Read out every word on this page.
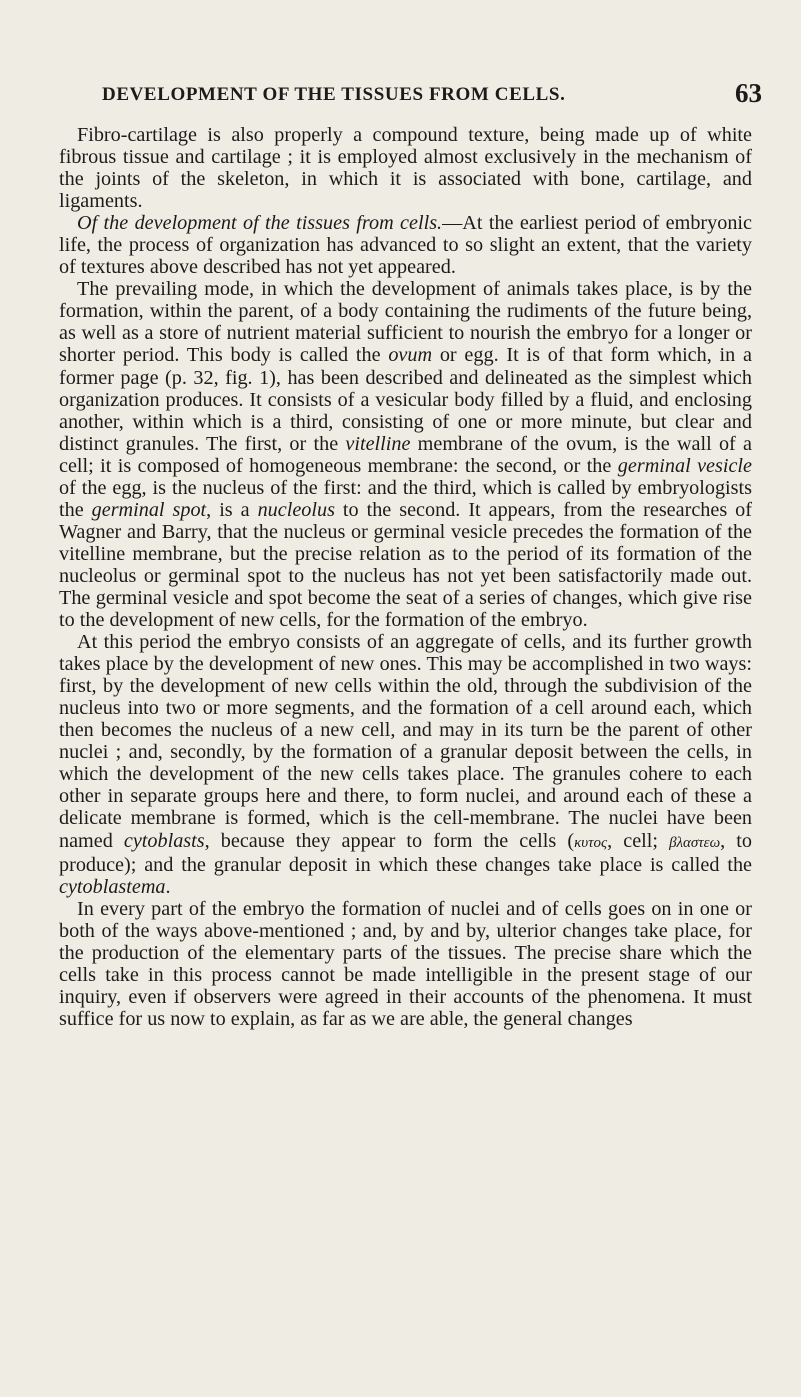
DEVELOPMENT OF THE TISSUES FROM CELLS.	63

Fibro-cartilage is also properly a compound texture, being made up of white fibrous tissue and cartilage ; it is employed almost exclusively in the mechanism of the joints of the skeleton, in which it is associated with bone, cartilage, and ligaments.

Of the development of the tissues from cells.—At the earliest period of embryonic life, the process of organization has advanced to so slight an extent, that the variety of textures above described has not yet appeared.

The prevailing mode, in which the development of animals takes place, is by the formation, within the parent, of a body containing the rudiments of the future being, as well as a store of nutrient material sufficient to nourish the embryo for a longer or shorter period. This body is called the ovum or egg. It is of that form which, in a former page (p. 32, fig. 1), has been described and delineated as the simplest which organization produces. It consists of a vesicular body filled by a fluid, and enclosing another, within which is a third, consisting of one or more minute, but clear and distinct granules. The first, or the vitelline membrane of the ovum, is the wall of a cell; it is composed of homogeneous membrane: the second, or the germinal vesicle of the egg, is the nucleus of the first: and the third, which is called by embryologists the germinal spot, is a nucleolus to the second. It appears, from the researches of Wagner and Barry, that the nucleus or germinal vesicle precedes the formation of the vitelline membrane, but the precise relation as to the period of its formation of the nucleolus or germinal spot to the nucleus has not yet been satisfactorily made out. The germinal vesicle and spot become the seat of a series of changes, which give rise to the development of new cells, for the formation of the embryo.

At this period the embryo consists of an aggregate of cells, and its further growth takes place by the development of new ones. This may be accomplished in two ways: first, by the development of new cells within the old, through the subdivision of the nucleus into two or more segments, and the formation of a cell around each, which then becomes the nucleus of a new cell, and may in its turn be the parent of other nuclei ; and, secondly, by the formation of a granular deposit between the cells, in which the development of the new cells takes place. The granules cohere to each other in separate groups here and there, to form nuclei, and around each of these a delicate membrane is formed, which is the cell-membrane. The nuclei have been named cytoblasts, because they appear to form the cells (κυτος, cell; βλαστεω, to produce); and the granular deposit in which these changes take place is called the cytoblastema.

In every part of the embryo the formation of nuclei and of cells goes on in one or both of the ways above-mentioned ; and, by and by, ulterior changes take place, for the production of the elementary parts of the tissues. The precise share which the cells take in this process cannot be made intelligible in the present stage of our inquiry, even if observers were agreed in their accounts of the phenomena. It must suffice for us now to explain, as far as we are able, the general changes
